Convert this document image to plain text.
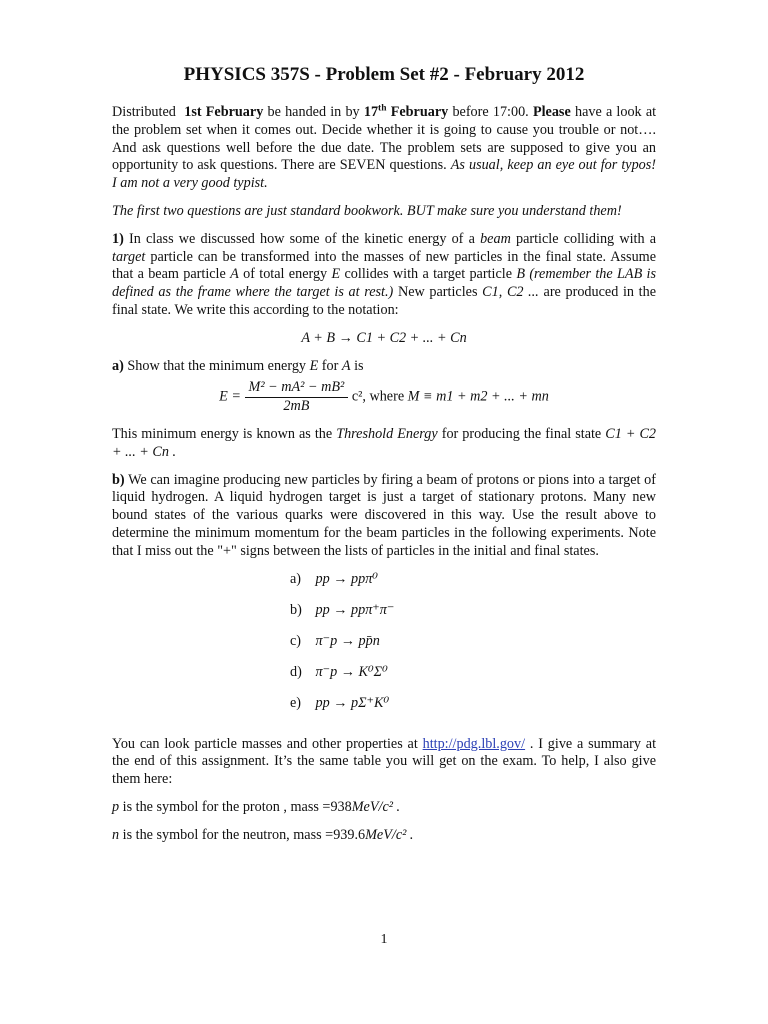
PHYSICS 357S - Problem Set #2 - February 2012

Distributed 1st February be handed in by 17th February before 17:00. Please have a look at the problem set when it comes out. Decide whether it is going to cause you trouble or not…. And ask questions well before the due date. The problem sets are supposed to give you an opportunity to ask questions. There are SEVEN questions. As usual, keep an eye out for typos! I am not a very good typist.

The first two questions are just standard bookwork. BUT make sure you understand them!

1) In class we discussed how some of the kinetic energy of a beam particle colliding with a target particle can be transformed into the masses of new particles in the final state. Assume that a beam particle A of total energy E collides with a target particle B (remember the LAB is defined as the frame where the target is at rest.) New particles C1, C2 ... are produced in the final state. We write this according to the notation:

A + B → C1 + C2 + ... + Cn

a) Show that the minimum energy E for A is

$E = \frac{\text{M² − mA² − mB²}}{2mB} c^2$, where M ≡ m1 + m2 + ... + mn

This minimum energy is known as the Threshold Energy for producing the final state C1 + C2 + ... + Cn .

b) We can imagine producing new particles by firing a beam of protons or pions into a target of liquid hydrogen. A liquid hydrogen target is just a target of stationary protons. Many new bound states of the various quarks were discovered in this way. Use the result above to determine the minimum momentum for the beam particles in the following experiments. Note that I miss out the "+" signs between the lists of particles in the initial and final states.

a) pp → ppπ⁰
b) pp → ppπ⁺π⁻
c) π⁻p → pp̄n
d) π⁻p → K⁰Σ⁰
e) pp → pΣ⁺K⁰

You can look particle masses and other properties at http://pdg.lbl.gov/ . I give a summary at the end of this assignment. It’s the same table you will get on the exam. To help, I also give them here:

p is the symbol for the proton , mass =938MeV/c² .

n is the symbol for the neutron, mass =939.6MeV/c² .

1
